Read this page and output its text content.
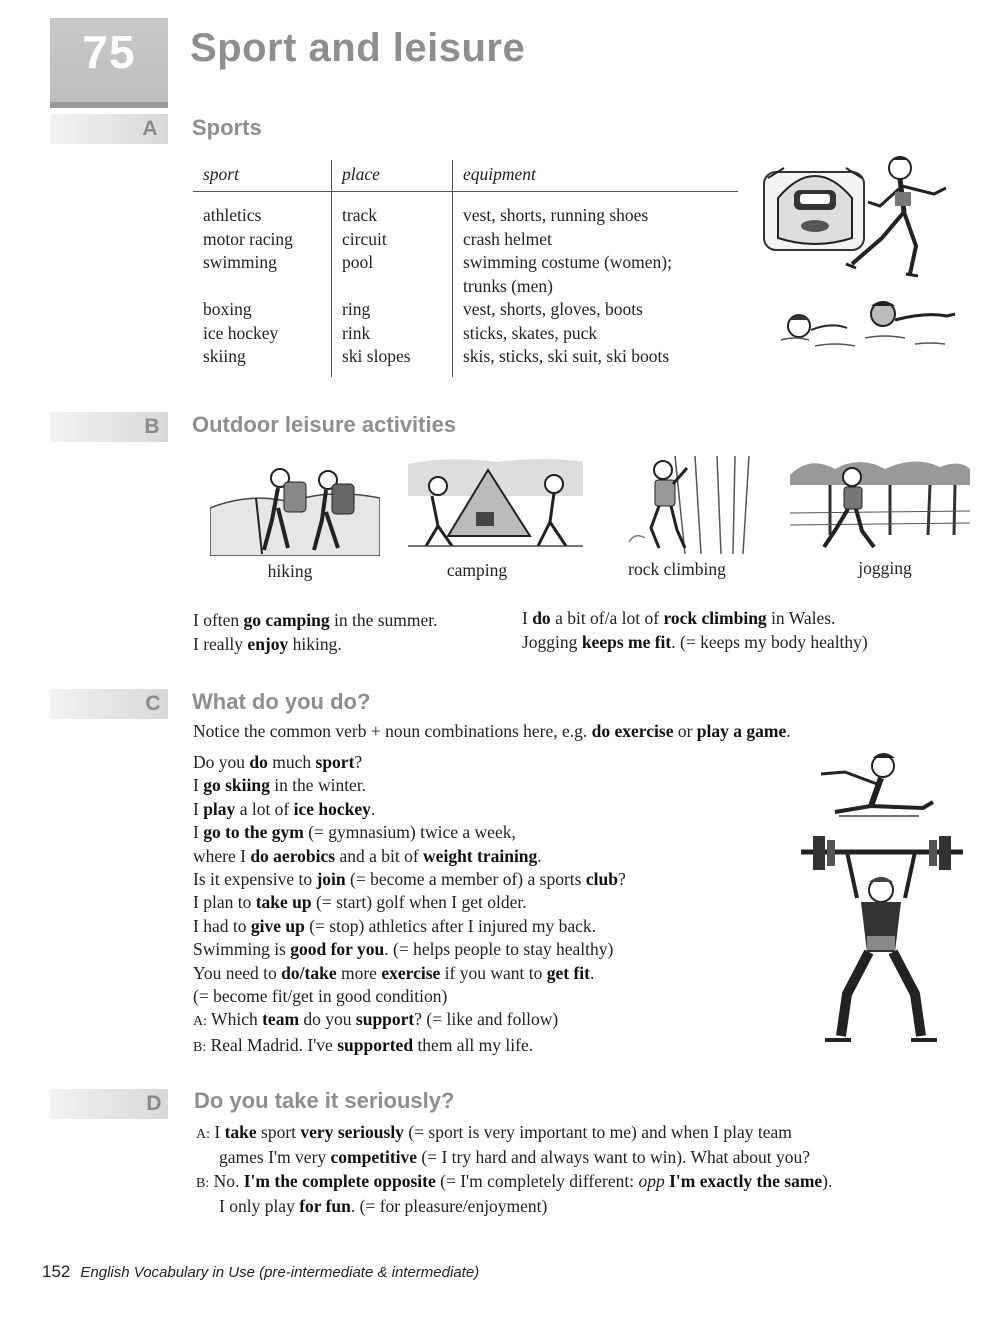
75	Sport and leisure
A Sports
sport	place	equipment
athletics	track	vest, shorts, running shoes
motor racing	circuit	crash helmet
swimming	pool	swimming costume (women);
		trunks (men)
boxing	ring	vest, shorts, gloves, boots
ice hockey	rink	sticks, skates, puck
skiing	ski slopes	skis, sticks, ski suit, ski boots
B Outdoor leisure activities
hiking	camping	rock climbing	jogging
I often go camping in the summer.
I really enjoy hiking.
I do a bit of/a lot of rock climbing in Wales.
Jogging keeps me fit. (= keeps my body healthy)
C What do you do?
Notice the common verb + noun combinations here, e.g. do exercise or play a game.
Do you do much sport?
I go skiing in the winter.
I play a lot of ice hockey.
I go to the gym (= gymnasium) twice a week,
where I do aerobics and a bit of weight training.
Is it expensive to join (= become a member of) a sports club?
I plan to take up (= start) golf when I get older.
I had to give up (= stop) athletics after I injured my back.
Swimming is good for you. (= helps people to stay healthy)
You need to do/take more exercise if you want to get fit.
(= become fit/get in good condition)
A: Which team do you support? (= like and follow)
B: Real Madrid. I've supported them all my life.
D Do you take it seriously?
A: I take sport very seriously (= sport is very important to me) and when I play team
games I'm very competitive (= I try hard and always want to win). What about you?
B: No. I'm the complete opposite (= I'm completely different: opp I'm exactly the same).
I only play for fun. (= for pleasure/enjoyment)
152 English Vocabulary in Use (pre-intermediate & intermediate)
